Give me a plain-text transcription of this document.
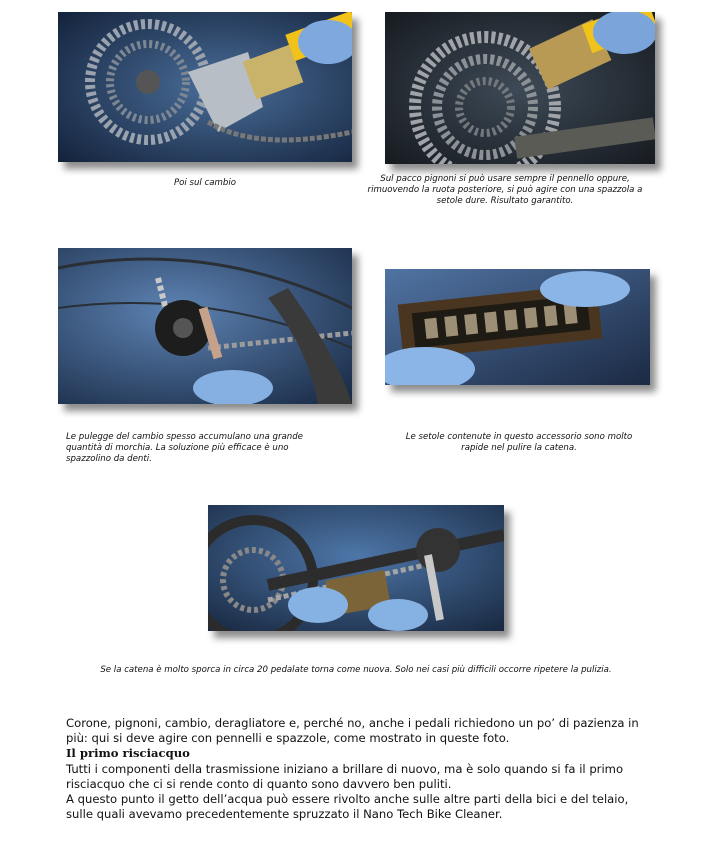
Poi sul cambio	Sul pacco pignoni si può usare sempre il pennello oppure, rimuovendo la ruota posteriore, si può agire con una spazzola a setole dure. Risultato garantito.
Le pulegge del cambio spesso accumulano una grande quantità di morchia. La soluzione più efficace è uno spazzolino da denti.
Le setole contenute in questo accessorio sono molto rapide nel pulire la catena.
Se la catena è molto sporca in circa 20 pedalate torna come nuova. Solo nei casi più difficili occorre ripetere la pulizia.

Corone, pignoni, cambio, deragliatore e, perché no, anche i pedali richiedono un po’ di pazienza in più: qui si deve agire con pennelli e spazzole, come mostrato in queste foto.

Il primo risciacquo

Tutti i componenti della trasmissione iniziano a brillare di nuovo, ma è solo quando si fa il primo risciacquo che ci si rende conto di quanto sono davvero ben puliti.

A questo punto il getto dell’acqua può essere rivolto anche sulle altre parti della bici e del telaio, sulle quali avevamo precedentemente spruzzato il Nano Tech Bike Cleaner.
